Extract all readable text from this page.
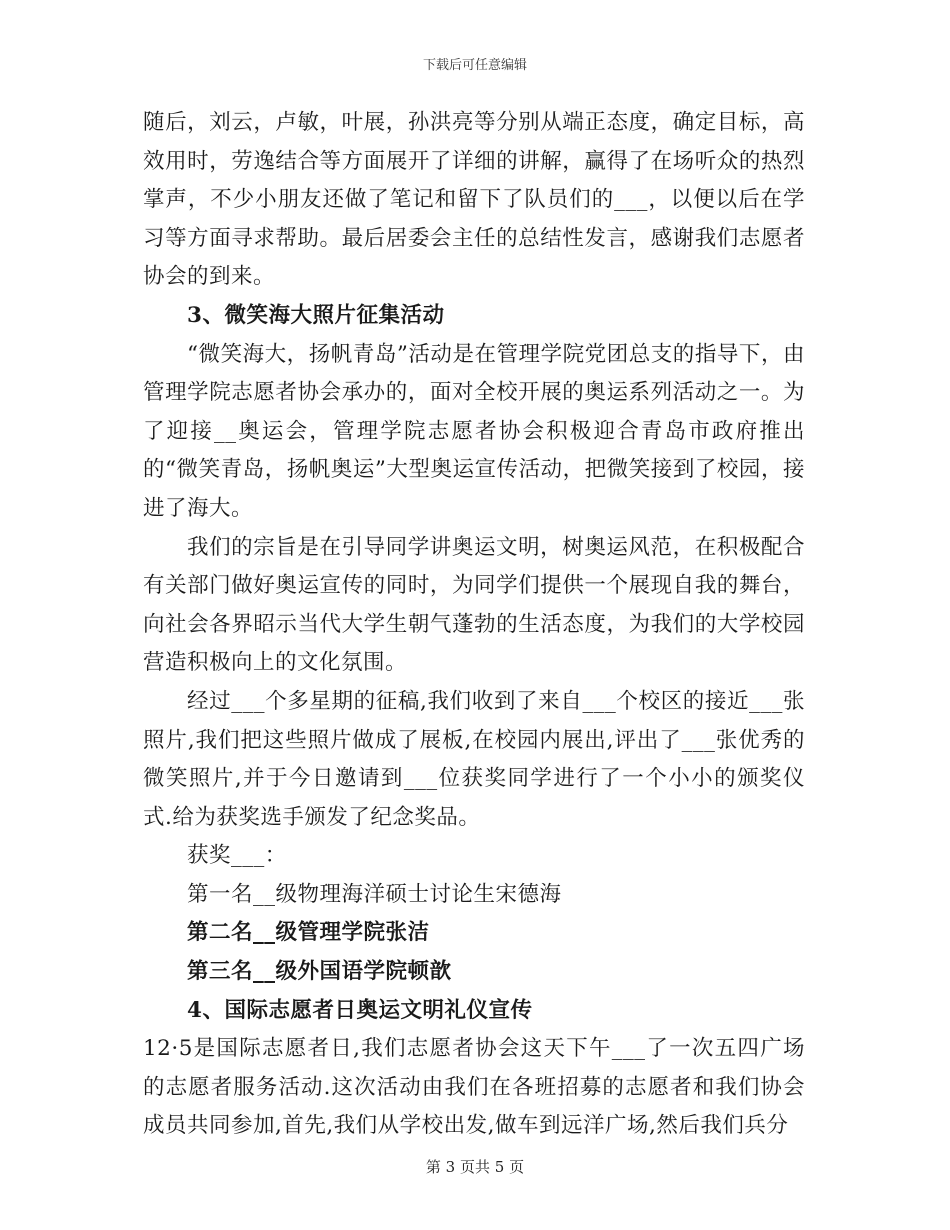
下载后可任意编辑

随后，刘云，卢敏，叶展，孙洪亮等分别从端正态度，确定目标，高效用时，劳逸结合等方面展开了详细的讲解，赢得了在场听众的热烈掌声，不少小朋友还做了笔记和留下了队员们的___，以便以后在学习等方面寻求帮助。最后居委会主任的总结性发言，感谢我们志愿者协会的到来。

3、微笑海大照片征集活动

“微笑海大，扬帆青岛”活动是在管理学院党团总支的指导下，由管理学院志愿者协会承办的，面对全校开展的奥运系列活动之一。为了迎接__奥运会，管理学院志愿者协会积极迎合青岛市政府推出的“微笑青岛，扬帆奥运”大型奥运宣传活动，把微笑接到了校园，接进了海大。

我们的宗旨是在引导同学讲奥运文明，树奥运风范，在积极配合有关部门做好奥运宣传的同时，为同学们提供一个展现自我的舞台，向社会各界昭示当代大学生朝气蓬勃的生活态度，为我们的大学校园营造积极向上的文化氛围。

经过___个多星期的征稿,我们收到了来自___个校区的接近___张照片,我们把这些照片做成了展板,在校园内展出,评出了___张优秀的微笑照片,并于今日邀请到___位获奖同学进行了一个小小的颁奖仪式.给为获奖选手颁发了纪念奖品。

获奖___：

第一名__级物理海洋硕士讨论生宋德海

第二名__级管理学院张洁

第三名__级外国语学院顿歆

4、国际志愿者日奥运文明礼仪宣传

12·5是国际志愿者日,我们志愿者协会这天下午___了一次五四广场的志愿者服务活动.这次活动由我们在各班招募的志愿者和我们协会成员共同参加,首先,我们从学校出发,做车到远洋广场,然后我们兵分

第 3 页共 5 页
